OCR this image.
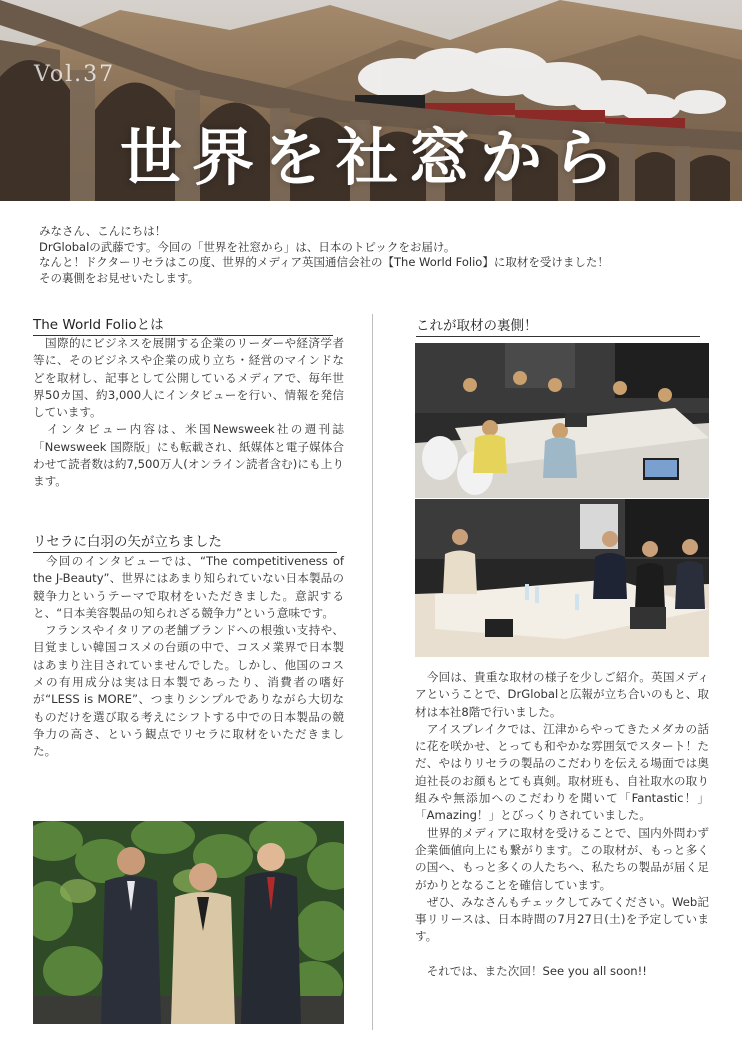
Vol.37
世界を社窓から
みなさん、こんにちは！
DrGlobalの武藤です。今回の「世界を社窓から」は、日本のトピックをお届け。
なんと！ドクターリセラはこの度、世界的メディア英国通信会社の【The World Folio】に取材を受けました！
その裏側をお見せいたします。
The World Folioとは

　国際的にビジネスを展開する企業のリーダーや経済学者等に、そのビジネスや企業の成り立ち・経営のマインドなどを取材し、記事として公開しているメディアで、毎年世界50カ国、約3,000人にインタビューを行い、情報を発信しています。

　インタビュー内容は、米国Newsweek社の週刊誌「Newsweek 国際版」にも転載され、紙媒体と電子媒体合わせて読者数は約7,500万人(オンライン読者含む)にも上ります。

リセラに白羽の矢が立ちました

　今回のインタビューでは、“The competitiveness of the J-Beauty”、世界にはあまり知られていない日本製品の競争力というテーマで取材をいただきました。意訳すると、“日本美容製品の知られざる競争力”という意味です。

　フランスやイタリアの老舗ブランドへの根強い支持や、目覚ましい韓国コスメの台頭の中で、コスメ業界で日本製はあまり注目されていませんでした。しかし、他国のコスメの有用成分は実は日本製であったり、消費者の嗜好が“LESS is MORE”、つまりシンプルでありながら大切なものだけを選び取る考えにシフトする中での日本製品の競争力の高さ、という観点でリセラに取材をいただきました。

これが取材の裏側！

　今回は、貴重な取材の様子を少しご紹介。英国メディアということで、DrGlobalと広報が立ち合いのもと、取材は本社8階で行いました。

　アイスブレイクでは、江津からやってきたメダカの話に花を咲かせ、とっても和やかな雰囲気でスタート！ただ、やはりリセラの製品のこだわりを伝える場面では奥迫社長のお顔もとても真剣。取材班も、自社取水の取り組みや無添加へのこだわりを聞いて「Fantastic！」「Amazing！」とびっくりされていました。

　世界的メディアに取材を受けることで、国内外問わず企業価値向上にも繋がります。この取材が、もっと多くの国へ、もっと多くの人たちへ、私たちの製品が届く足がかりとなることを確信しています。

　ぜひ、みなさんもチェックしてみてください。Web記事リリースは、日本時間の7月27日(土)を予定しています。

　それでは、また次回！See you all soon!!
